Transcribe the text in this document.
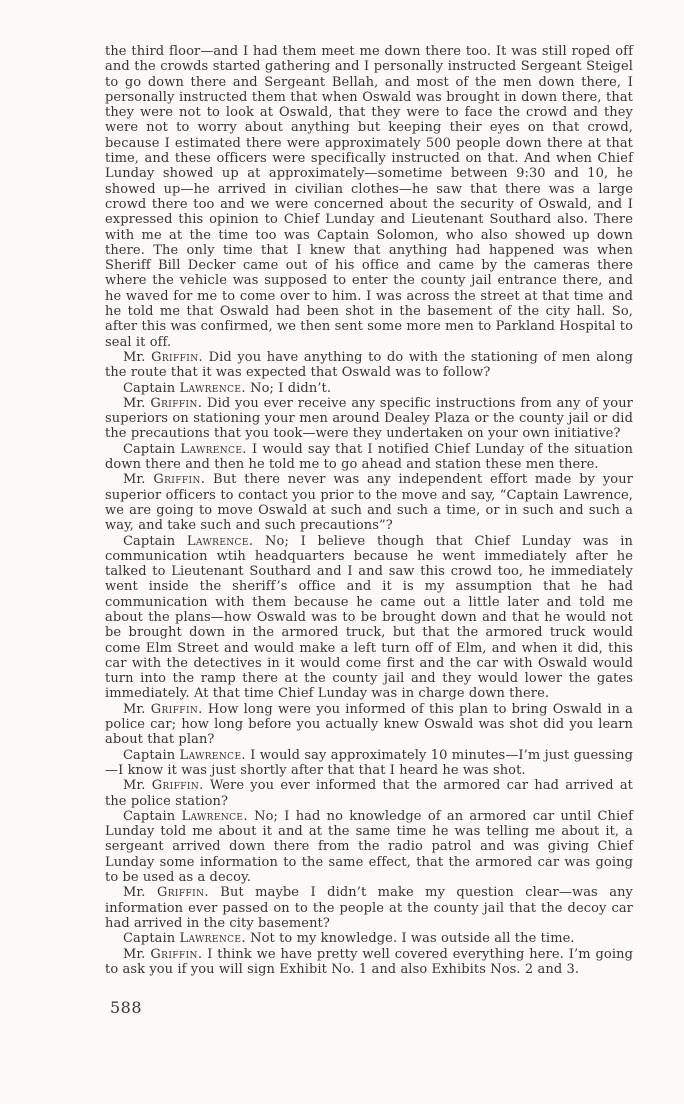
the third floor—and I had them meet me down there too. It was still roped off and the crowds started gathering and I personally instructed Sergeant Steigel to go down there and Sergeant Bellah, and most of the men down there, I personally instructed them that when Oswald was brought in down there, that they were not to look at Oswald, that they were to face the crowd and they were not to worry about anything but keeping their eyes on that crowd, because I estimated there were approximately 500 people down there at that time, and these officers were specifically instructed on that. And when Chief Lunday showed up at approximately—sometime between 9:30 and 10, he showed up—he arrived in civilian clothes—he saw that there was a large crowd there too and we were concerned about the security of Oswald, and I expressed this opinion to Chief Lunday and Lieutenant Southard also. There with me at the time too was Captain Solomon, who also showed up down there. The only time that I knew that anything had happened was when Sheriff Bill Decker came out of his office and came by the cameras there where the vehicle was supposed to enter the county jail entrance there, and he waved for me to come over to him. I was across the street at that time and he told me that Oswald had been shot in the basement of the city hall. So, after this was confirmed, we then sent some more men to Parkland Hospital to seal it off.

Mr. Griffin. Did you have anything to do with the stationing of men along the route that it was expected that Oswald was to follow?

Captain Lawrence. No; I didn’t.

Mr. Griffin. Did you ever receive any specific instructions from any of your superiors on stationing your men around Dealey Plaza or the county jail or did the precautions that you took—were they undertaken on your own initiative?

Captain Lawrence. I would say that I notified Chief Lunday of the situation down there and then he told me to go ahead and station these men there.

Mr. Griffin. But there never was any independent effort made by your superior officers to contact you prior to the move and say, “Captain Lawrence, we are going to move Oswald at such and such a time, or in such and such a way, and take such and such precautions”?

Captain Lawrence. No; I believe though that Chief Lunday was in communication wtih headquarters because he went immediately after he talked to Lieutenant Southard and I and saw this crowd too, he immediately went inside the sheriff’s office and it is my assumption that he had communication with them because he came out a little later and told me about the plans—how Oswald was to be brought down and that he would not be brought down in the armored truck, but that the armored truck would come Elm Street and would make a left turn off of Elm, and when it did, this car with the detectives in it would come first and the car with Oswald would turn into the ramp there at the county jail and they would lower the gates immediately. At that time Chief Lunday was in charge down there.

Mr. Griffin. How long were you informed of this plan to bring Oswald in a police car; how long before you actually knew Oswald was shot did you learn about that plan?

Captain Lawrence. I would say approximately 10 minutes—I’m just guessing—I know it was just shortly after that that I heard he was shot.

Mr. Griffin. Were you ever informed that the armored car had arrived at the police station?

Captain Lawrence. No; I had no knowledge of an armored car until Chief Lunday told me about it and at the same time he was telling me about it, a sergeant arrived down there from the radio patrol and was giving Chief Lunday some information to the same effect, that the armored car was going to be used as a decoy.

Mr. Griffin. But maybe I didn’t make my question clear—was any information ever passed on to the people at the county jail that the decoy car had arrived in the city basement?

Captain Lawrence. Not to my knowledge. I was outside all the time.

Mr. Griffin. I think we have pretty well covered everything here. I’m going to ask you if you will sign Exhibit No. 1 and also Exhibits Nos. 2 and 3.

588
